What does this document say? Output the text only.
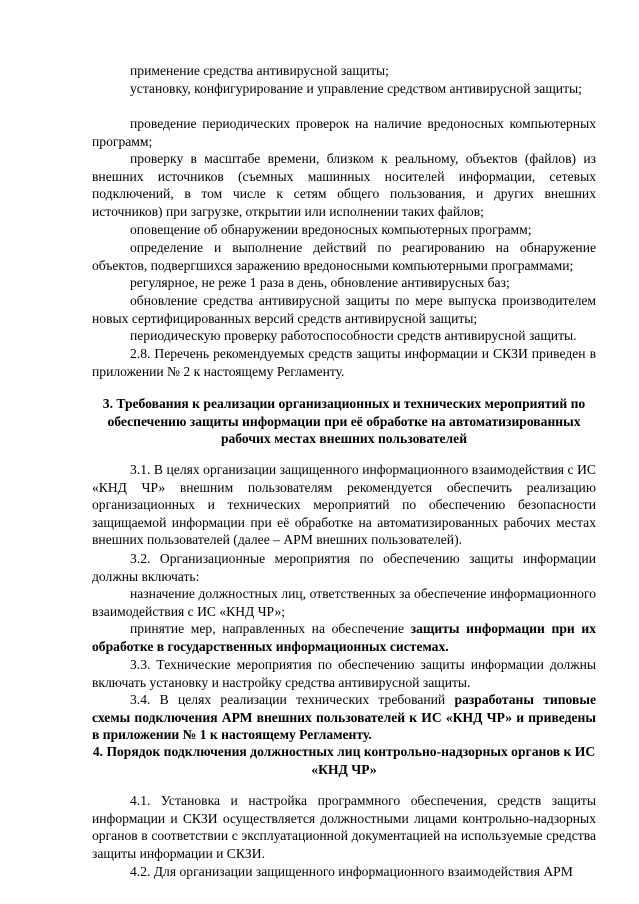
применение средства антивирусной защиты;

установку, конфигурирование и управление средством антивирусной защиты;

проведение периодических проверок на наличие вредоносных компьютерных программ;

проверку в масштабе времени, близком к реальному, объектов (файлов) из внешних источников (съемных машинных носителей информации, сетевых подключений, в том числе к сетям общего пользования, и других внешних источников) при загрузке, открытии или исполнении таких файлов;

оповещение об обнаружении вредоносных компьютерных программ;

определение и выполнение действий по реагированию на обнаружение объектов, подвергшихся заражению вредоносными компьютерными программами;

регулярное, не реже 1 раза в день, обновление антивирусных баз;

обновление средства антивирусной защиты по мере выпуска производителем новых сертифицированных версий средств антивирусной защиты;

периодическую проверку работоспособности средств антивирусной защиты.

2.8. Перечень рекомендуемых средств защиты информации и СКЗИ приведен в приложении № 2 к настоящему Регламенту.

3. Требования к реализации организационных и технических мероприятий по обеспечению защиты информации при её обработке на автоматизированных рабочих местах внешних пользователей

3.1. В целях организации защищенного информационного взаимодействия с ИС «КНД ЧР» внешним пользователям рекомендуется обеспечить реализацию организационных и технических мероприятий по обеспечению безопасности защищаемой информации при её обработке на автоматизированных рабочих местах внешних пользователей (далее – АРМ внешних пользователей).

3.2. Организационные мероприятия по обеспечению защиты информации должны включать:

назначение должностных лиц, ответственных за обеспечение информационного взаимодействия с ИС «КНД ЧР»;

принятие мер, направленных на обеспечение защиты информации при их обработке в государственных информационных системах.

3.3. Технические мероприятия по обеспечению защиты информации должны включать установку и настройку средства антивирусной защиты.

3.4. В целях реализации технических требований разработаны типовые схемы подключения АРМ внешних пользователей к ИС «КНД ЧР» и приведены в приложении № 1 к настоящему Регламенту.

4. Порядок подключения должностных лиц контрольно-надзорных органов к ИС «КНД ЧР»

4.1. Установка и настройка программного обеспечения, средств защиты информации и СКЗИ осуществляется должностными лицами контрольно-надзорных органов в соответствии с эксплуатационной документацией на используемые средства защиты информации и СКЗИ.

4.2. Для организации защищенного информационного взаимодействия АРМ
